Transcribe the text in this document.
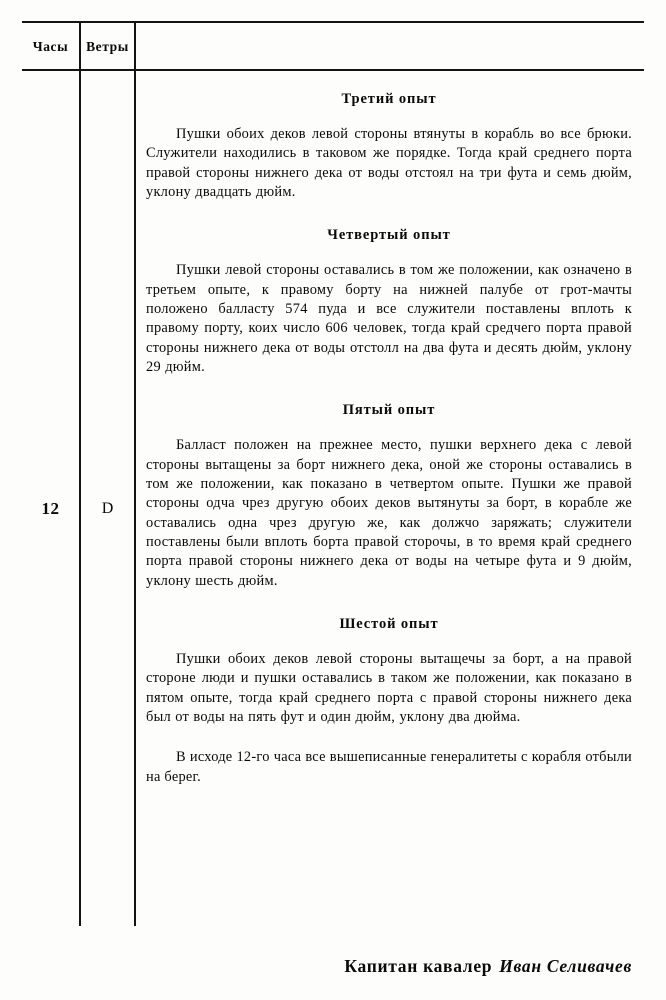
Часы	Ветры
12	D
Третий опыт

Пушки обоих деков левой стороны втянуты в корабль во все брюки. Служители находились в таковом же порядке. Тогда край среднего порта правой стороны нижнего дека от воды отстоял на три фута и семь дюйм, уклону двадцать дюйм.

Четвертый опыт

Пушки левой стороны оставались в том же положении, как означено в третьем опыте, к правому борту на нижней палубе от грот-мачты положено балласту 574 пуда и все служители поставлены вплоть к правому порту, коих число 606 человек, тогда край средчего порта правой стороны нижнего дека от воды отстолл на два фута и десять дюйм, уклону 29 дюйм.

Пятый опыт

Балласт положен на прежнее место, пушки верхнего дека с левой стороны вытащены за борт нижнего дека, оной же стороны оставались в том же положении, как показано в четвертом опыте. Пушки же правой стороны одча чрез другую обоих деков вытянуты за борт, в корабле же оставались одна чрез другую же, как должчо заряжать; служители поставлены были вплоть борта правой сторочы, в то время край среднего порта правой стороны нижнего дека от воды на четыре фута и 9 дюйм, уклону шесть дюйм.

Шестой опыт

Пушки обоих деков левой стороны вытащечы за борт, а на правой стороне люди и пушки оставались в таком же положении, как показано в пятом опыте, тогда край среднего порта с правой стороны нижнего дека был от воды на пять фут и один дюйм, уклону два дюйма.

В исходе 12-го часа все вышеписанные генералитеты с корабля отбыли на берег.

Капитан кавалер Иван Селивачев
